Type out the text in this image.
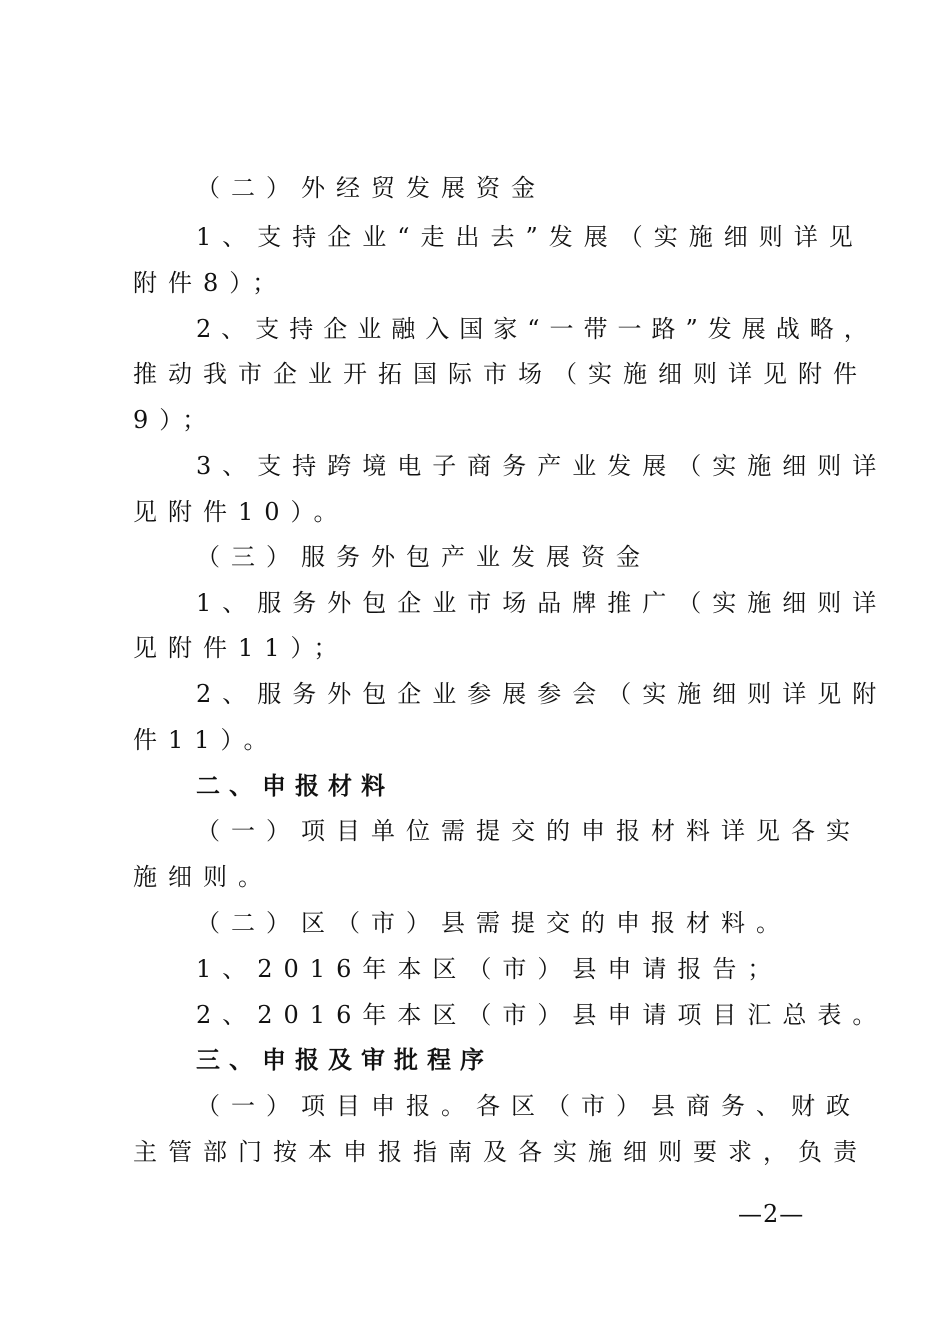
（二）外经贸发展资金
1、支持企业“走出去”发展（实施细则详见
附件8）；
2、支持企业融入国家“一带一路”发展战略，
推动我市企业开拓国际市场（实施细则详见附件
9）；
3、支持跨境电子商务产业发展（实施细则详
见附件10）。
（三）服务外包产业发展资金
1、服务外包企业市场品牌推广（实施细则详
见附件11）；
2、服务外包企业参展参会（实施细则详见附
件11）。
二、申报材料
（一）项目单位需提交的申报材料详见各实
施细则。
（二）区（市）县需提交的申报材料。
1、2016年本区（市）县申请报告；
2、2016年本区（市）县申请项目汇总表。
三、申报及审批程序
（一）项目申报。各区（市）县商务、财政
主管部门按本申报指南及各实施细则要求，负责
—2—
